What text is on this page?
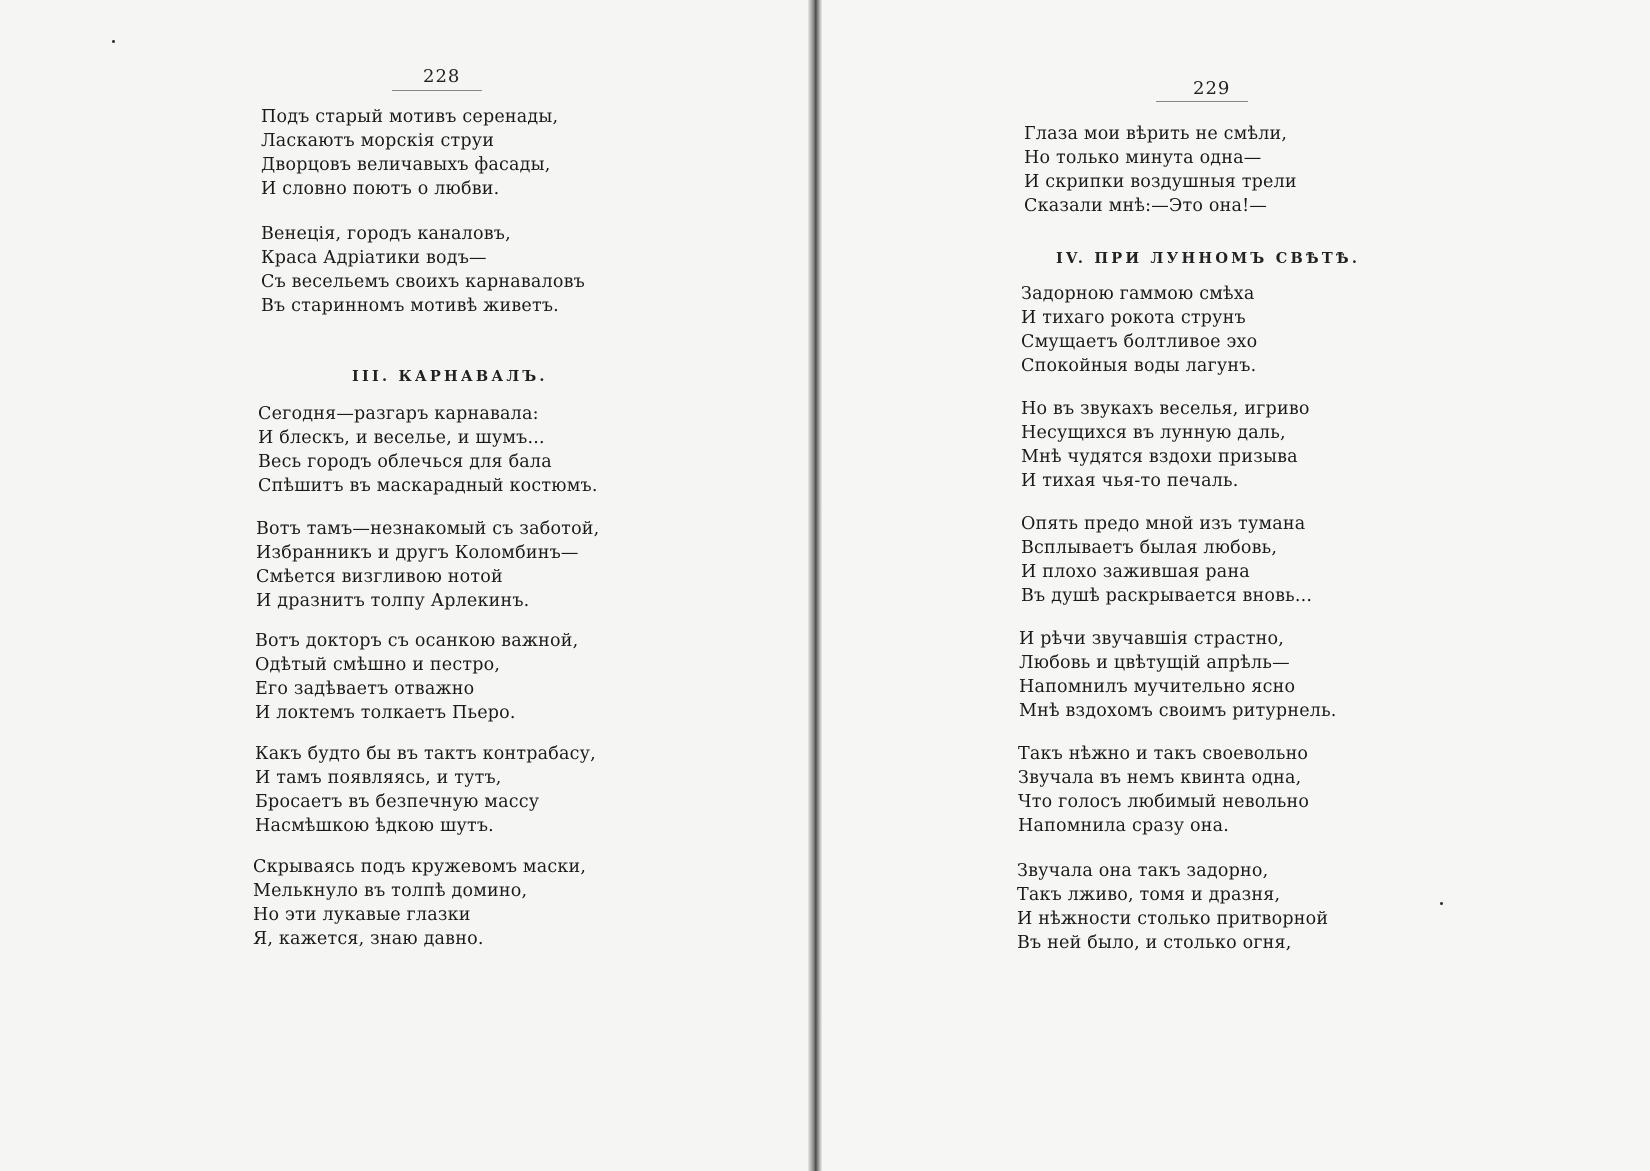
228
Подъ старый мотивъ серенады,
Ласкаютъ морскія струи
Дворцовъ величавыхъ фасады,
И словно поютъ о любви.
Венеція, городъ каналовъ,
Краса Адріатики водъ—
Съ весельемъ своихъ карнаваловъ
Въ старинномъ мотивѣ живетъ.
III. КАРНАВАЛЪ.
Сегодня—разгаръ карнавала:
И блескъ, и веселье, и шумъ...
Весь городъ облечься для бала
Спѣшитъ въ маскарадный костюмъ.
Вотъ тамъ—незнакомый съ заботой,
Избранникъ и другъ Коломбинъ—
Смѣется визгливою нотой
И дразнитъ толпу Арлекинъ.
Вотъ докторъ съ осанкою важной,
Одѣтый смѣшно и пестро,
Его задѣваетъ отважно
И локтемъ толкаетъ Пьеро.
Какъ будто бы въ тактъ контрабасу,
И тамъ появляясь, и тутъ,
Бросаетъ въ безпечную массу
Насмѣшкою ѣдкою шутъ.
Скрываясь подъ кружевомъ маски,
Мелькнуло въ толпѣ домино,
Но эти лукавые глазки
Я, кажется, знаю давно.
229
Глаза мои вѣрить не смѣли,
Но только минута одна—
И скрипки воздушныя трели
Сказали мнѣ:—Это она!—
IV. ПРИ ЛУННОМЪ СВѢТѢ.
Задорною гаммою смѣха
И тихаго рокота струнъ
Смущаетъ болтливое эхо
Спокойныя воды лагунъ.
Но въ звукахъ веселья, игриво
Несущихся въ лунную даль,
Мнѣ чудятся вздохи призыва
И тихая чья-то печаль.
Опять предо мной изъ тумана
Всплываетъ былая любовь,
И плохо зажившая рана
Въ душѣ раскрывается вновь...
И рѣчи звучавшія страстно,
Любовь и цвѣтущій апрѣль—
Напомнилъ мучительно ясно
Мнѣ вздохомъ своимъ ритурнель.
Такъ нѣжно и такъ своевольно
Звучала въ немъ квинта одна,
Что голосъ любимый невольно
Напомнила сразу она.
Звучала она такъ задорно,
Такъ лживо, томя и дразня,
И нѣжности столько притворной
Въ ней было, и столько огня,
